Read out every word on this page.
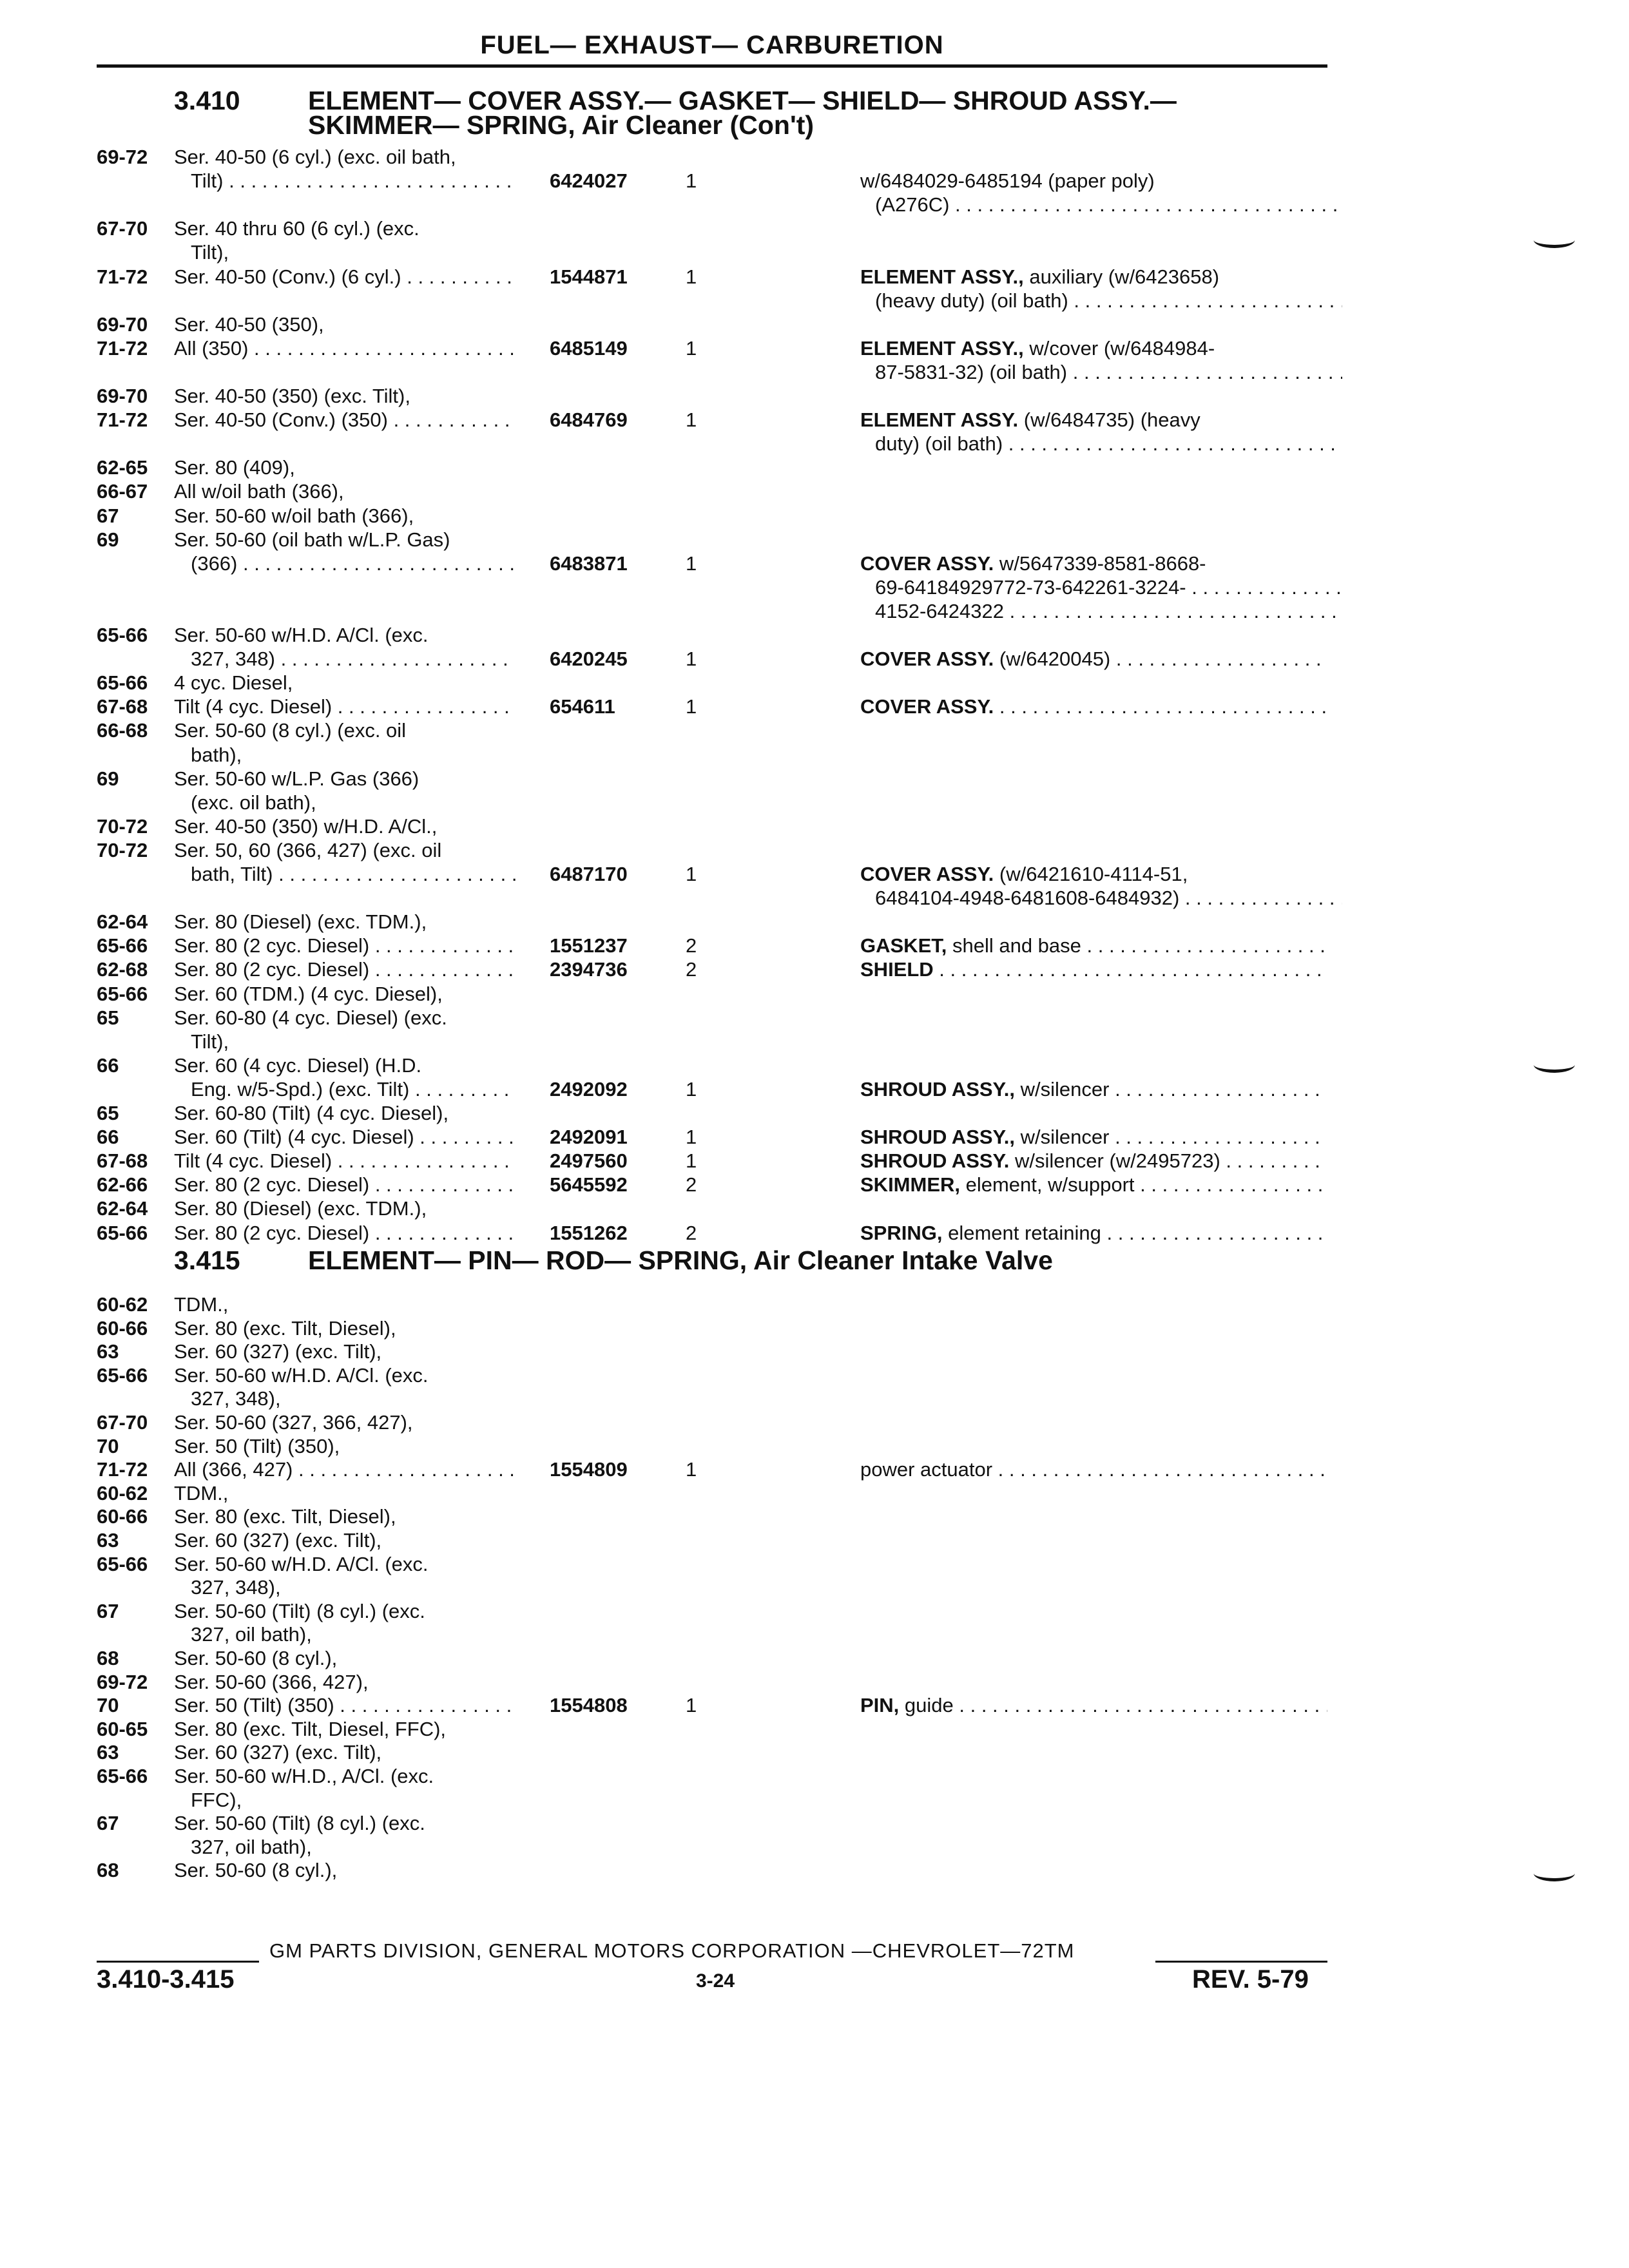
FUEL— EXHAUST— CARBURETION
3.410	ELEMENT— COVER ASSY.— GASKET— SHIELD— SHROUD ASSY.—
SKIMMER— SPRING, Air Cleaner (Con't)
69-72 Ser. 40-50 (6 cyl.) (exc. oil bath,
Tilt) . . .	6424027	1	w/6484029-6485194 (paper poly)
(A276C) . . .
67-70 Ser. 40 thru 60 (6 cyl.) (exc.
Tilt),
71-72 Ser. 40-50 (Conv.) (6 cyl.) . . .	1544871	1	ELEMENT ASSY., auxiliary (w/6423658)
(heavy duty) (oil bath) . . .
69-70 Ser. 40-50 (350),
71-72 All (350) . . .	6485149	1	ELEMENT ASSY., w/cover (w/6484984-
87-5831-32) (oil bath) . . .
69-70 Ser. 40-50 (350) (exc. Tilt),
71-72 Ser. 40-50 (Conv.) (350) . . .	6484769	1	ELEMENT ASSY. (w/6484735) (heavy
duty) (oil bath) . . .
62-65 Ser. 80 (409),
66-67 All w/oil bath (366),
67	Ser. 50-60 w/oil bath (366),
69	Ser. 50-60 (oil bath w/L.P. Gas)
(366) . . .	6483871	1	COVER ASSY. w/5647339-8581-8668-
69-64184929772-73-642261-3224- . . .
4152-6424322 . . .
65-66 Ser. 50-60 w/H.D. A/Cl. (exc.
327, 348) . . .	6420245	1	COVER ASSY. (w/6420045) . . .
65-66 4 cyc. Diesel,
67-68 Tilt (4 cyc. Diesel) . . .	654611	1	COVER ASSY. . . .
66-68 Ser. 50-60 (8 cyl.) (exc. oil
bath),
69	Ser. 50-60 w/L.P. Gas (366)
(exc. oil bath),
70-72 Ser. 40-50 (350) w/H.D. A/Cl.,
70-72 Ser. 50, 60 (366, 427) (exc. oil
bath, Tilt) . . .	6487170	1	COVER ASSY. (w/6421610-4114-51,
6484104-4948-6481608-6484932) . . .
62-64 Ser. 80 (Diesel) (exc. TDM.),
65-66 Ser. 80 (2 cyc. Diesel) . . .	1551237	2	GASKET, shell and base . . .
62-68 Ser. 80 (2 cyc. Diesel) . . .	2394736	2	SHIELD . . .
65-66 Ser. 60 (TDM.) (4 cyc. Diesel),
65	Ser. 60-80 (4 cyc. Diesel) (exc.
Tilt),
66	Ser. 60 (4 cyc. Diesel) (H.D.
Eng. w/5-Spd.) (exc. Tilt) . . .	2492092	1	SHROUD ASSY., w/silencer . . .
65	Ser. 60-80 (Tilt) (4 cyc. Diesel),
66	Ser. 60 (Tilt) (4 cyc. Diesel) . . .	2492091	1	SHROUD ASSY., w/silencer . . .
67-68 Tilt (4 cyc. Diesel) . . .	2497560	1	SHROUD ASSY. w/silencer (w/2495723) . . .
62-66 Ser. 80 (2 cyc. Diesel) . . .	5645592	2	SKIMMER, element, w/support . . .
62-64 Ser. 80 (Diesel) (exc. TDM.),
65-66 Ser. 80 (2 cyc. Diesel) . . .	1551262	2	SPRING, element retaining . . .
3.415	ELEMENT— PIN— ROD— SPRING, Air Cleaner Intake Valve
60-62 TDM.,
60-66 Ser. 80 (exc. Tilt, Diesel),
63	Ser. 60 (327) (exc. Tilt),
65-66 Ser. 50-60 w/H.D. A/Cl. (exc.
327, 348),
67-70 Ser. 50-60 (327, 366, 427),
70	Ser. 50 (Tilt) (350),
71-72 All (366, 427) . . .	1554809	1	power actuator . . .
60-62 TDM.,
60-66 Ser. 80 (exc. Tilt, Diesel),
63	Ser. 60 (327) (exc. Tilt),
65-66 Ser. 50-60 w/H.D. A/Cl. (exc.
327, 348),
67	Ser. 50-60 (Tilt) (8 cyl.) (exc.
327, oil bath),
68	Ser. 50-60 (8 cyl.),
69-72 Ser. 50-60 (366, 427),
70	Ser. 50 (Tilt) (350) . . .	1554808	1	PIN, guide . . .
60-65 Ser. 80 (exc. Tilt, Diesel, FFC),
63	Ser. 60 (327) (exc. Tilt),
65-66 Ser. 50-60 w/H.D., A/Cl. (exc.
FFC),
67	Ser. 50-60 (Tilt) (8 cyl.) (exc.
327, oil bath),
68	Ser. 50-60 (8 cyl.),
GM PARTS DIVISION, GENERAL MOTORS CORPORATION —CHEVROLET—72TM
3.410-3.415	3-24	REV. 5-79
